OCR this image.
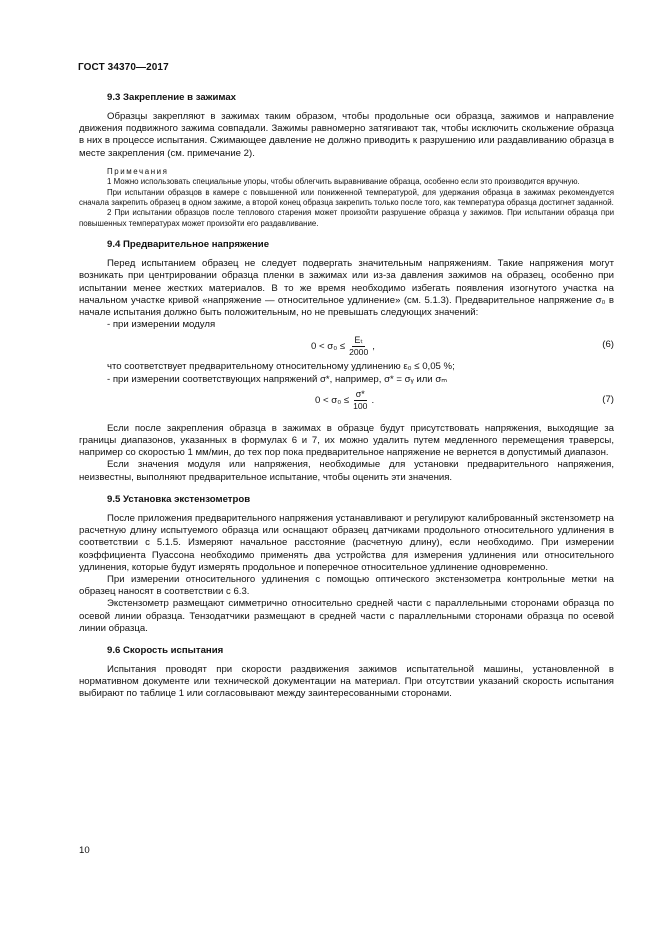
ГОСТ 34370—2017

9.3 Закрепление в зажимах

Образцы закрепляют в зажимах таким образом, чтобы продольные оси образца, зажимов и направление движения подвижного зажима совпадали. Зажимы равномерно затягивают так, чтобы исключить скольжение образца в них в процессе испытания. Сжимающее давление не должно приводить к разрушению или раздавливанию образца в месте закрепления (см. примечание 2).

Примечания

1 Можно использовать специальные упоры, чтобы облегчить выравнивание образца, особенно если это производится вручную.

При испытании образцов в камере с повышенной или пониженной температурой, для удержания образца в зажимах рекомендуется сначала закрепить образец в одном зажиме, а второй конец образца закрепить только после того, как температура образца достигнет заданной.

2 При испытании образцов после теплового старения может произойти разрушение образца у зажимов. При испытании образца при повышенных температурах может произойти его раздавливание.

9.4 Предварительное напряжение

Перед испытанием образец не следует подвергать значительным напряжениям. Такие напряжения могут возникать при центрировании образца пленки в зажимах или из-за давления зажимов на образец, особенно при испытании менее жестких материалов. В то же время необходимо избегать появления изогнутого участка на начальном участке кривой «напряжение — относительное удлинение» (см. 5.1.3). Предварительное напряжение σ₀ в начале испытания должно быть положительным, но не превышать следующих значений:

- при измерении модуля

$0 < \sigma_0 \le \frac{\text{Eₜ}}{2000}$ ,	(6)

что соответствует предварительному относительному удлинению ε₀ ≤ 0,05 %;

- при измерении соответствующих напряжений σ*, например, σ* = σᵧ или σₘ

$0 < \sigma_0 \le \frac{\sigma*}{100}$ .	(7)

Если после закрепления образца в зажимах в образце будут присутствовать напряжения, выходящие за границы диапазонов, указанных в формулах 6 и 7, их можно удалить путем медленного перемещения траверсы, например со скоростью 1 мм/мин, до тех пор пока предварительное напряжение не вернется в допустимый диапазон.

Если значения модуля или напряжения, необходимые для установки предварительного напряжения, неизвестны, выполняют предварительное испытание, чтобы оценить эти значения.

9.5 Установка экстензометров

После приложения предварительного напряжения устанавливают и регулируют калиброванный экстензометр на расчетную длину испытуемого образца или оснащают образец датчиками продольного относительного удлинения в соответствии с 5.1.5. Измеряют начальное расстояние (расчетную длину), если необходимо. При измерении коэффициента Пуассона необходимо применять два устройства для измерения удлинения или относительного удлинения, которые будут измерять продольное и поперечное относительное удлинение одновременно.

При измерении относительного удлинения с помощью оптического экстензометра контрольные метки на образец наносят в соответствии с 6.3.

Экстензометр размещают симметрично относительно средней части с параллельными сторонами образца по осевой линии образца. Тензодатчики размещают в средней части с параллельными сторонами образца по осевой линии образца.

9.6 Скорость испытания

Испытания проводят при скорости раздвижения зажимов испытательной машины, установленной в нормативном документе или технической документации на материал. При отсутствии указаний скорость испытания выбирают по таблице 1 или согласовывают между заинтересованными сторонами.

10
